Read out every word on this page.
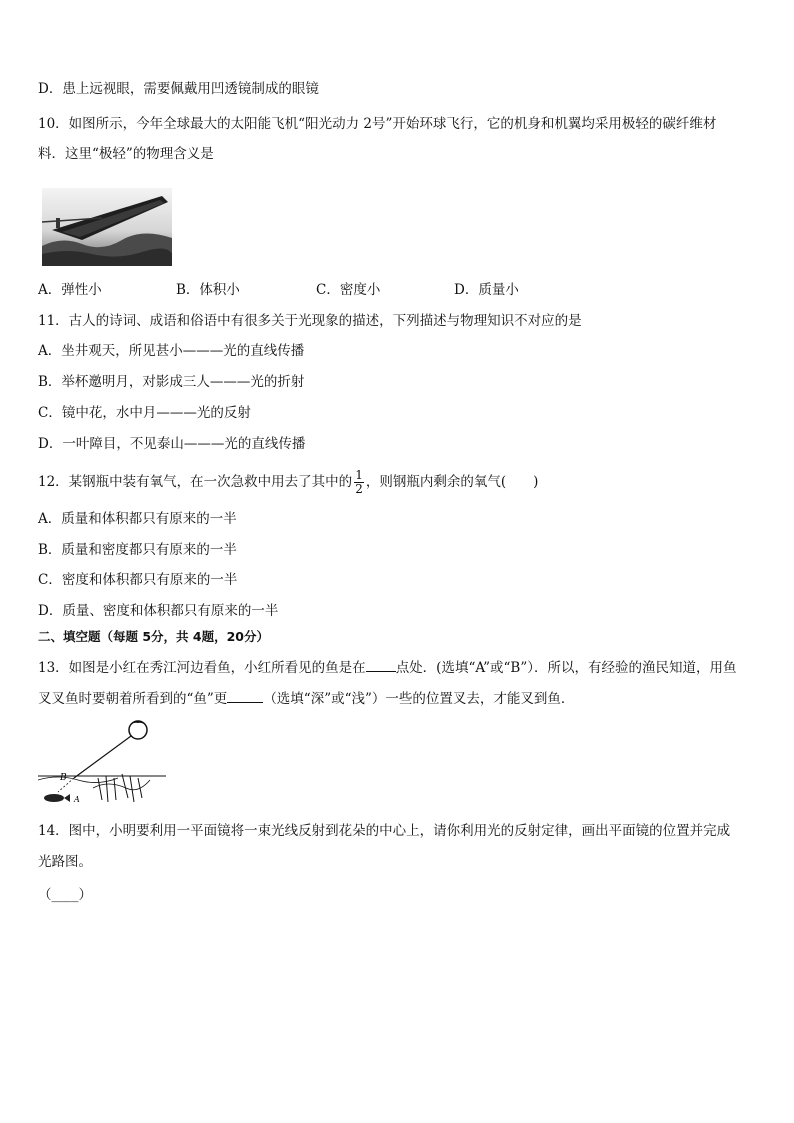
D．患上远视眼，需要佩戴用凹透镜制成的眼镜
10．如图所示，今年全球最大的太阳能飞机“阳光动力 2号”开始环球飞行，它的机身和机翼均采用极轻的碳纤维材
料．这里“极轻”的物理含义是
A．弹性小	B．体积小	C．密度小	D．质量小
11．古人的诗词、成语和俗语中有很多关于光现象的描述，下列描述与物理知识不对应的是
A．坐井观天，所见甚小———光的直线传播
B．举杯邀明月，对影成三人———光的折射
C．镜中花，水中月———光的反射
D．一叶障目，不见泰山———光的直线传播
12．某钢瓶中装有氧气，在一次急救中用去了其中的 $\frac{1}{2}$ ，则钢瓶内剩余的氧气(　　)
A．质量和体积都只有原来的一半
B．质量和密度都只有原来的一半
C．密度和体积都只有原来的一半
D．质量、密度和体积都只有原来的一半
二、填空题（每题 5分，共 4题，20分）
13．如图是小红在秀江河边看鱼，小红所看见的鱼是在 点处．(选填“A”或“B”）．所以，有经验的渔民知道，用鱼
叉叉鱼时要朝着所看到的“鱼”更	（选填“深”或“浅”）一些的位置叉去，才能叉到鱼．
B
A
14．图中，小明要利用一平面镜将一束光线反射到花朵的中心上，请你利用光的反射定律，画出平面镜的位置并完成
光路图。
（____）
